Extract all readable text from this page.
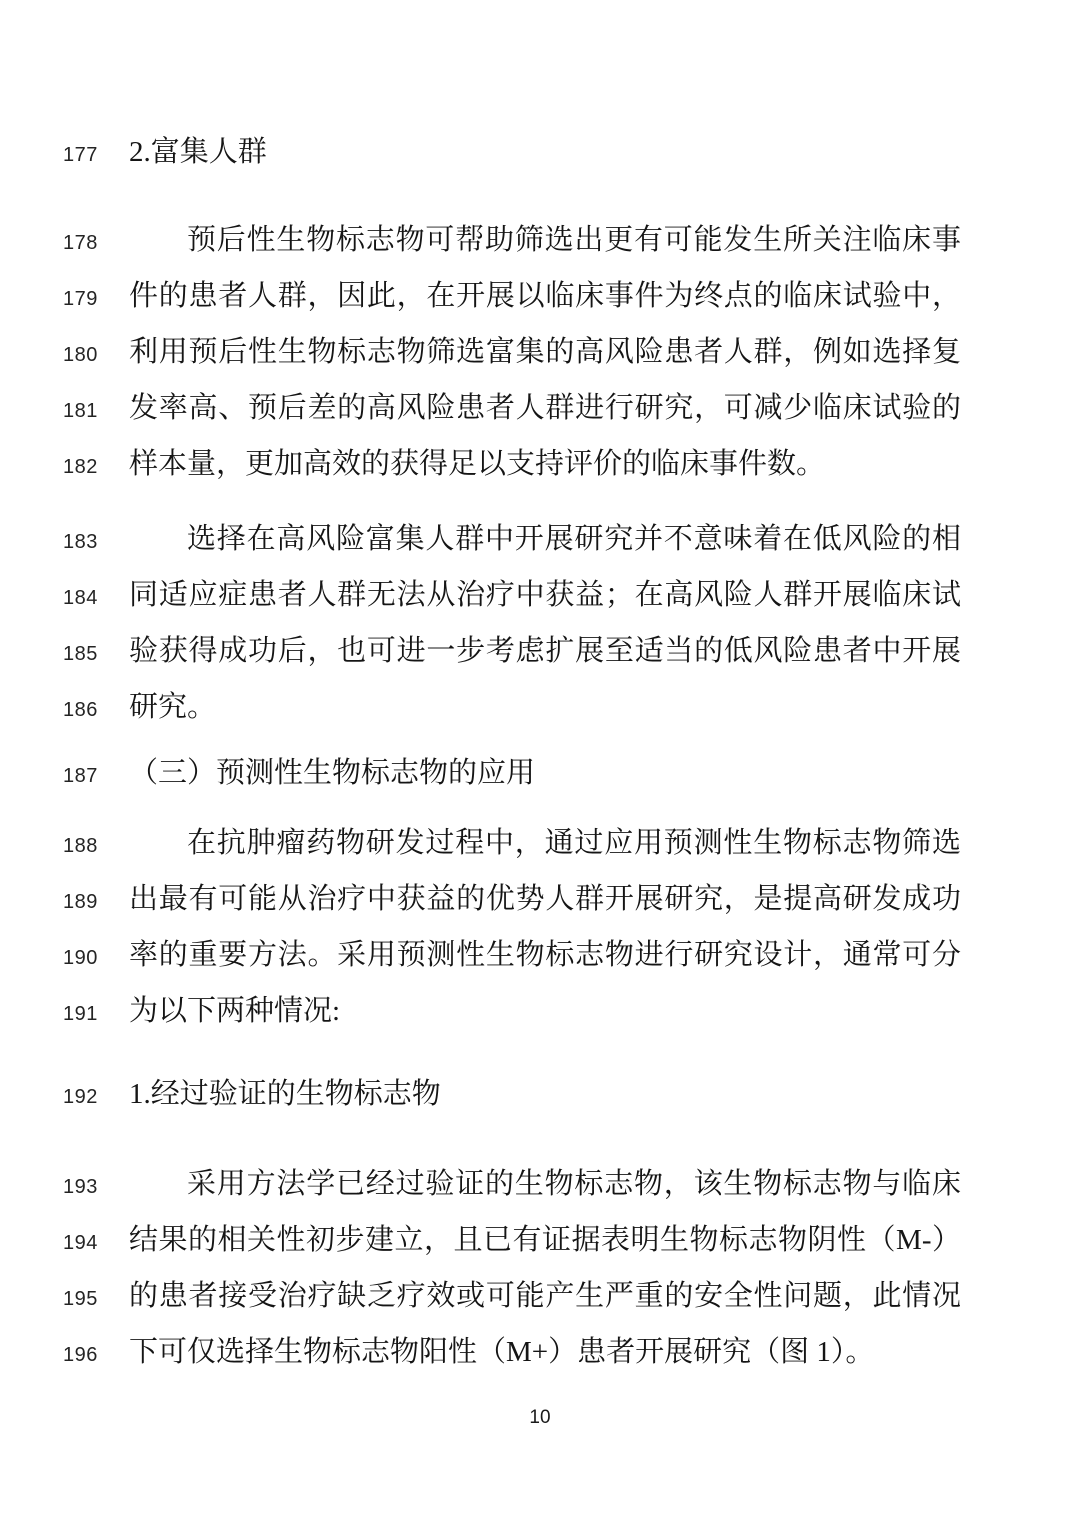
177 2.富集人群
178	预后性生物标志物可帮助筛选出更有可能发生所关注临床事
179 件的患者人群，因此，在开展以临床事件为终点的临床试验中，
180 利用预后性生物标志物筛选富集的高风险患者人群，例如选择复
181 发率高、预后差的高风险患者人群进行研究，可减少临床试验的
182 样本量，更加高效的获得足以支持评价的临床事件数。
183	选择在高风险富集人群中开展研究并不意味着在低风险的相
184 同适应症患者人群无法从治疗中获益；在高风险人群开展临床试
185 验获得成功后，也可进一步考虑扩展至适当的低风险患者中开展
186 研究。
187 （三）预测性生物标志物的应用
188	在抗肿瘤药物研发过程中，通过应用预测性生物标志物筛选
189 出最有可能从治疗中获益的优势人群开展研究，是提高研发成功
190 率的重要方法。采用预测性生物标志物进行研究设计，通常可分
191 为以下两种情况:
192 1.经过验证的生物标志物
193	采用方法学已经过验证的生物标志物，该生物标志物与临床
194 结果的相关性初步建立，且已有证据表明生物标志物阴性（M-）
195 的患者接受治疗缺乏疗效或可能产生严重的安全性问题，此情况
196 下可仅选择生物标志物阳性（M+）患者开展研究（图 1）。
10
